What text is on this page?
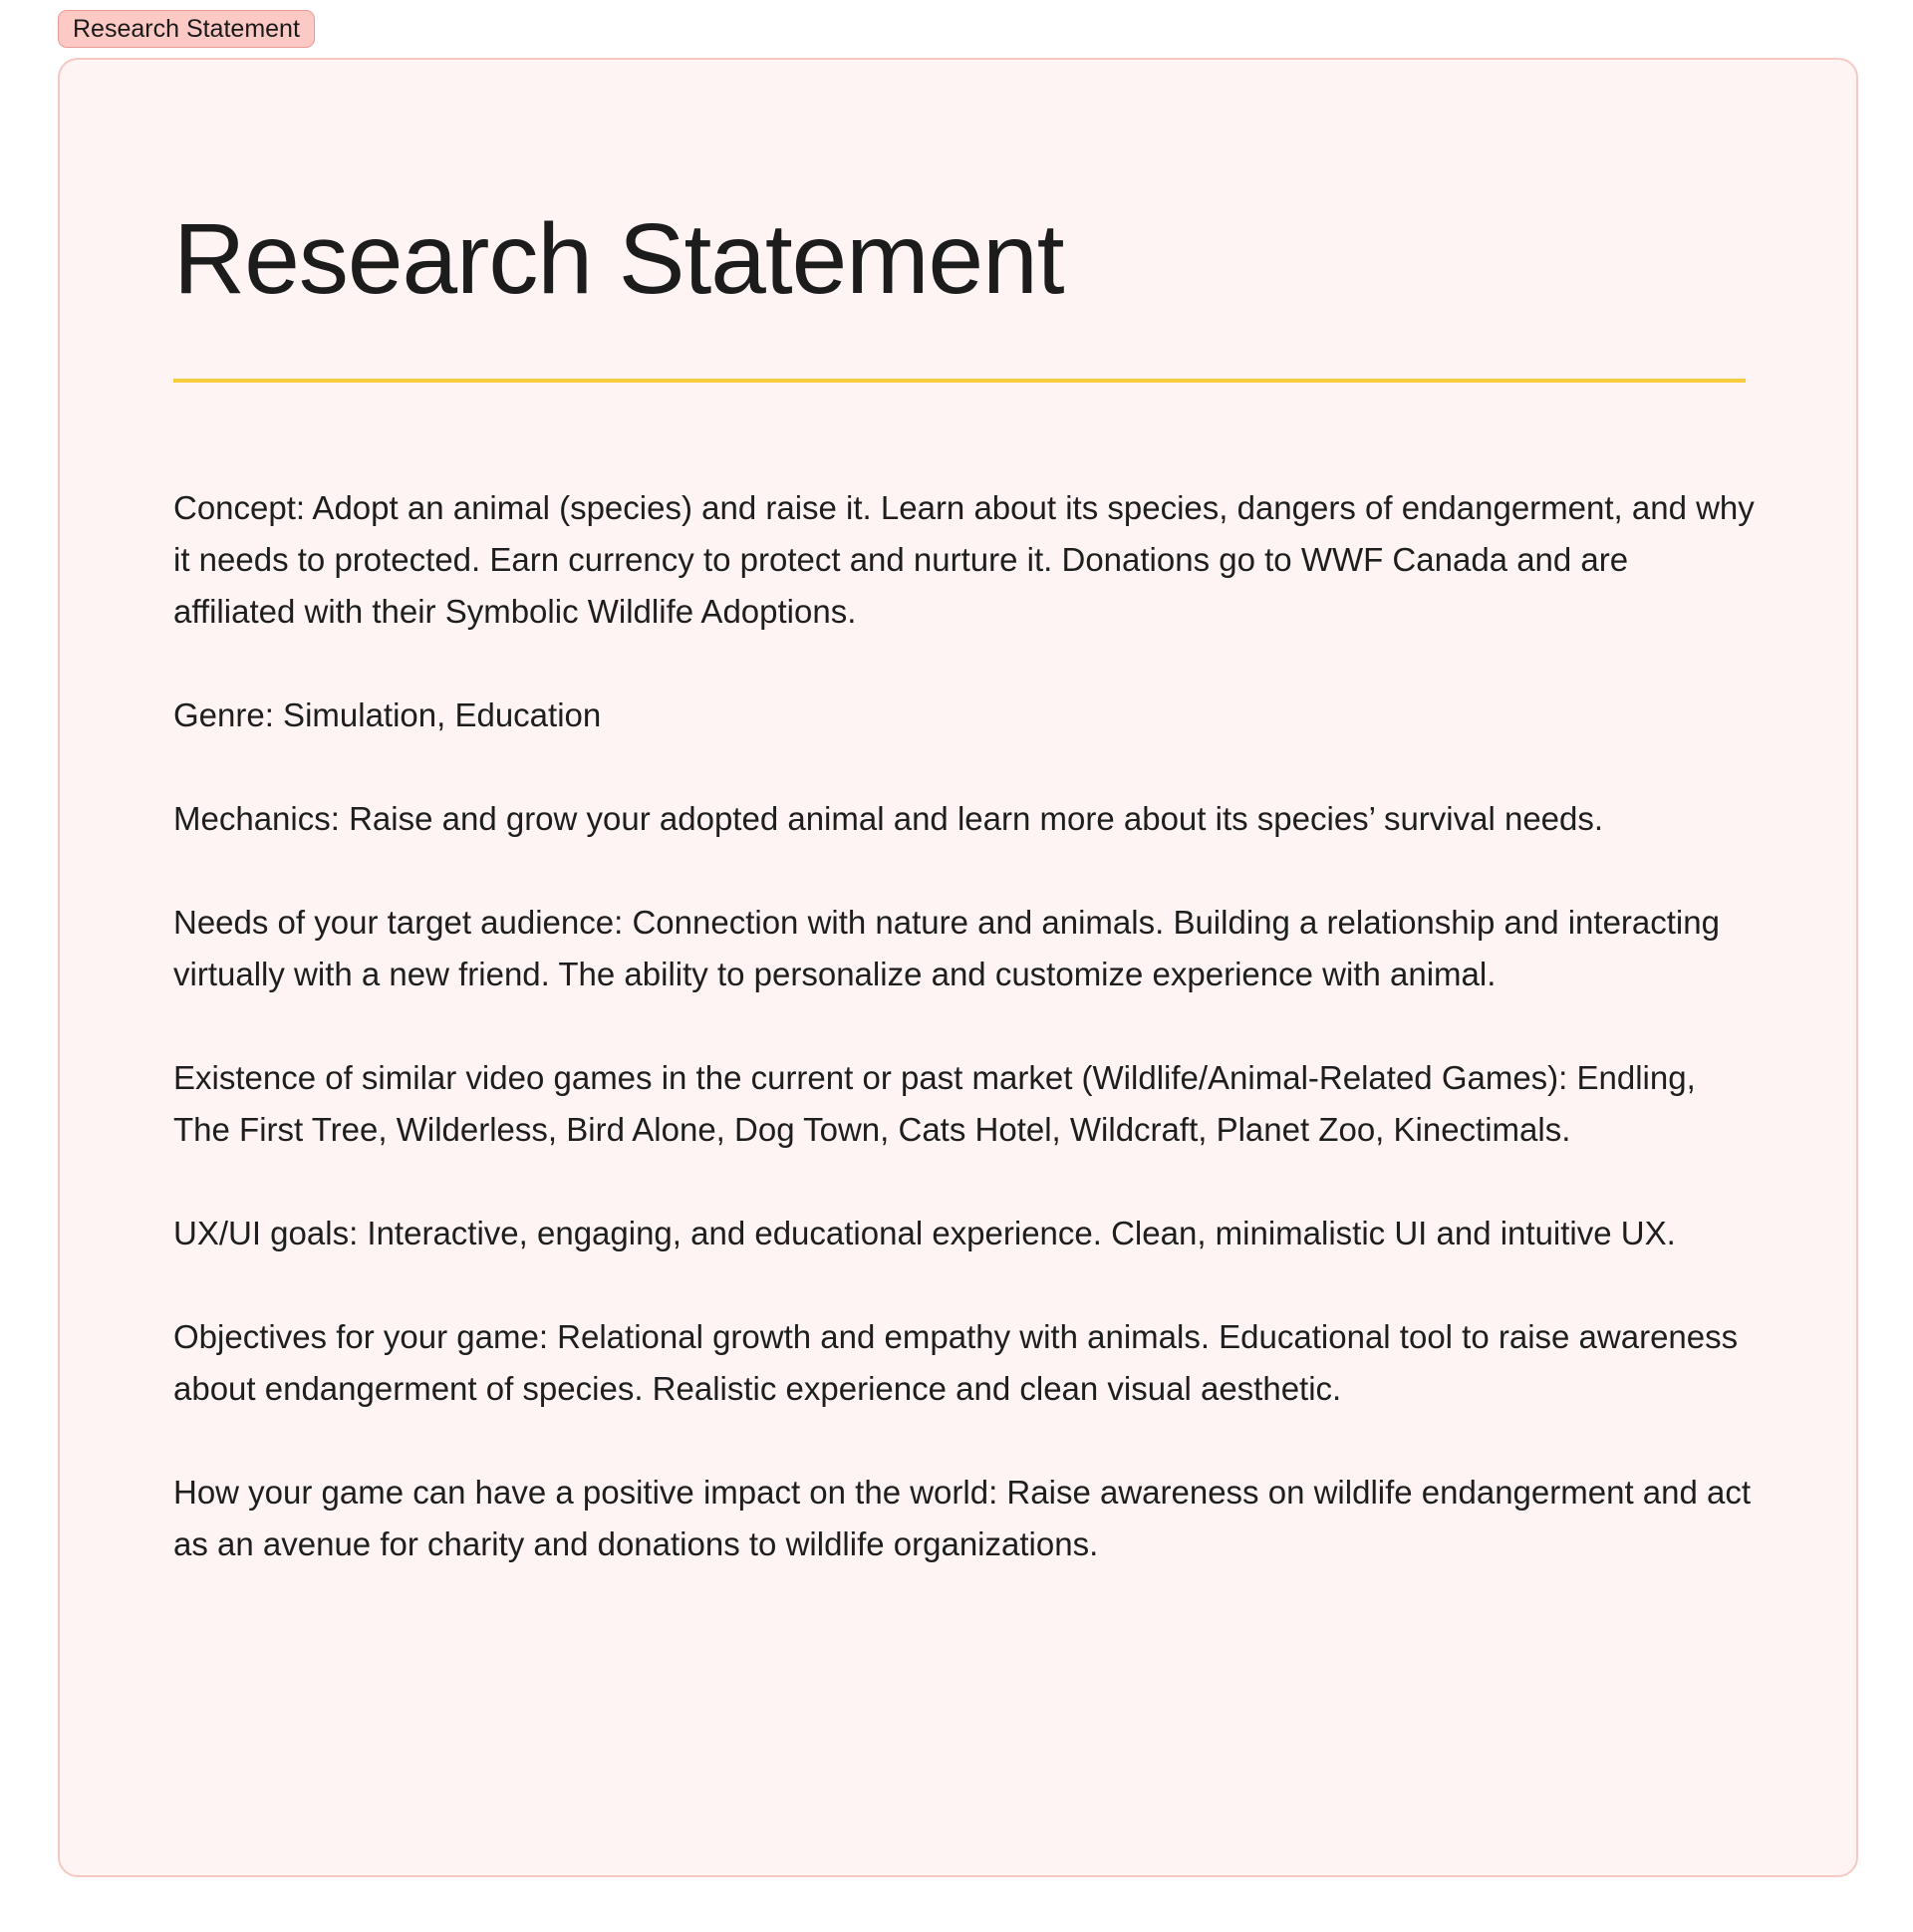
Research Statement
Research Statement

Concept: Adopt an animal (species) and raise it. Learn about its species, dangers of endangerment, and why it needs to protected. Earn currency to protect and nurture it. Donations go to WWF Canada and are affiliated with their Symbolic Wildlife Adoptions.

Genre: Simulation, Education

Mechanics: Raise and grow your adopted animal and learn more about its species’ survival needs.

Needs of your target audience: Connection with nature and animals. Building a relationship and interacting virtually with a new friend. The ability to personalize and customize experience with animal.

Existence of similar video games in the current or past market (Wildlife/Animal-Related Games): Endling, The First Tree, Wilderless, Bird Alone, Dog Town, Cats Hotel, Wildcraft, Planet Zoo, Kinectimals.

UX/UI goals: Interactive, engaging, and educational experience. Clean, minimalistic UI and intuitive UX.

Objectives for your game: Relational growth and empathy with animals. Educational tool to raise awareness about endangerment of species. Realistic experience and clean visual aesthetic.

How your game can have a positive impact on the world: Raise awareness on wildlife endangerment and act as an avenue for charity and donations to wildlife organizations.
